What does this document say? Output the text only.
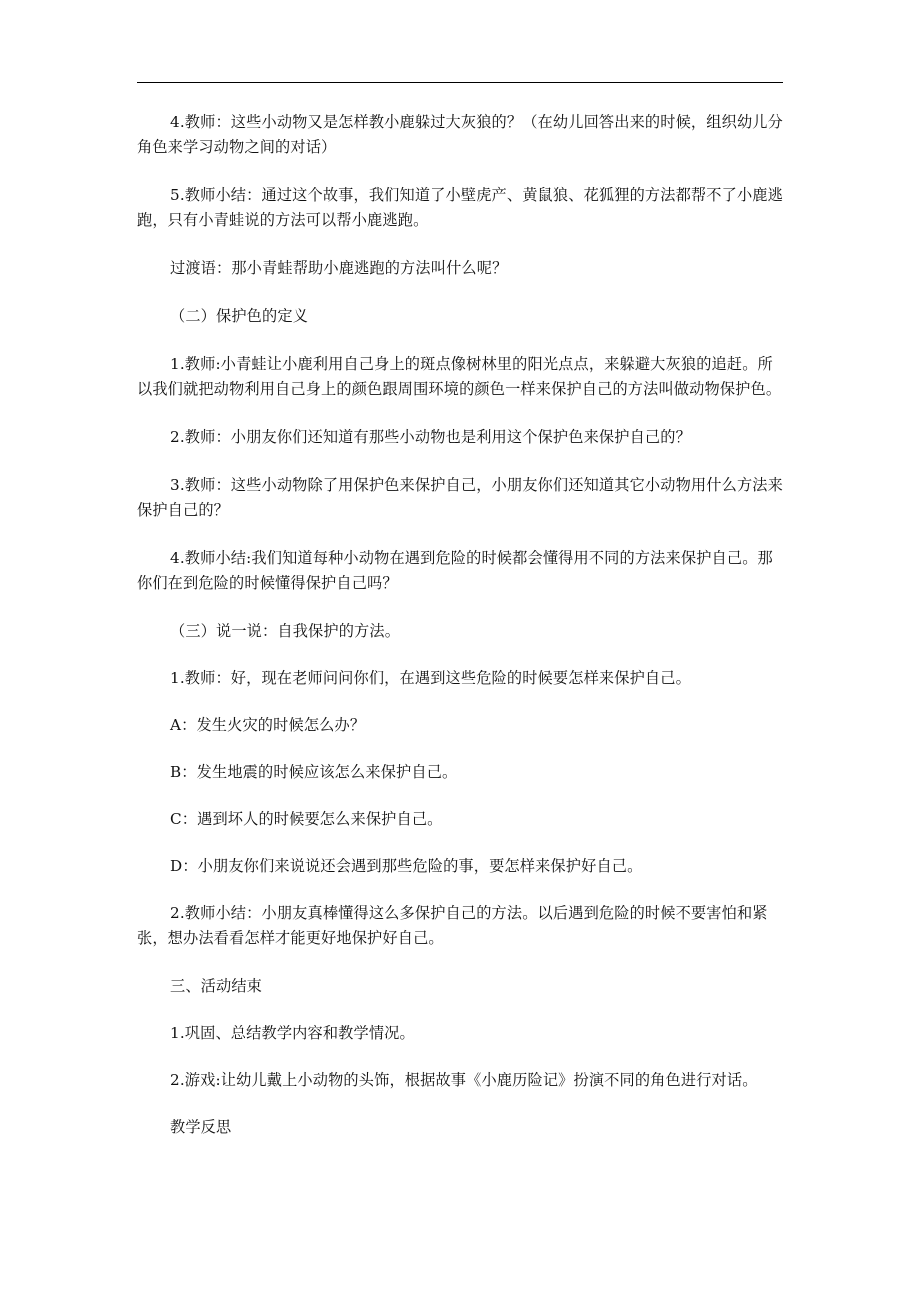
4.教师：这些小动物又是怎样教小鹿躲过大灰狼的？（在幼儿回答出来的时候，组织幼儿分角色来学习动物之间的对话）

5.教师小结：通过这个故事，我们知道了小壁虎产、黄鼠狼、花狐狸的方法都帮不了小鹿逃跑，只有小青蛙说的方法可以帮小鹿逃跑。

过渡语：那小青蛙帮助小鹿逃跑的方法叫什么呢？

（二）保护色的定义

1.教师:小青蛙让小鹿利用自己身上的斑点像树林里的阳光点点，来躲避大灰狼的追赶。所以我们就把动物利用自己身上的颜色跟周围环境的颜色一样来保护自己的方法叫做动物保护色。

2.教师：小朋友你们还知道有那些小动物也是利用这个保护色来保护自己的？

3.教师：这些小动物除了用保护色来保护自己，小朋友你们还知道其它小动物用什么方法来保护自己的？

4.教师小结:我们知道每种小动物在遇到危险的时候都会懂得用不同的方法来保护自己。那你们在到危险的时候懂得保护自己吗？

（三）说一说：自我保护的方法。

1.教师：好，现在老师问问你们，在遇到这些危险的时候要怎样来保护自己。

A：发生火灾的时候怎么办？

B：发生地震的时候应该怎么来保护自己。

C：遇到坏人的时候要怎么来保护自己。

D：小朋友你们来说说还会遇到那些危险的事，要怎样来保护好自己。

2.教师小结：小朋友真棒懂得这么多保护自己的方法。以后遇到危险的时候不要害怕和紧张，想办法看看怎样才能更好地保护好自己。

三、活动结束

1.巩固、总结教学内容和教学情况。

2.游戏:让幼儿戴上小动物的头饰，根据故事《小鹿历险记》扮演不同的角色进行对话。

教学反思
